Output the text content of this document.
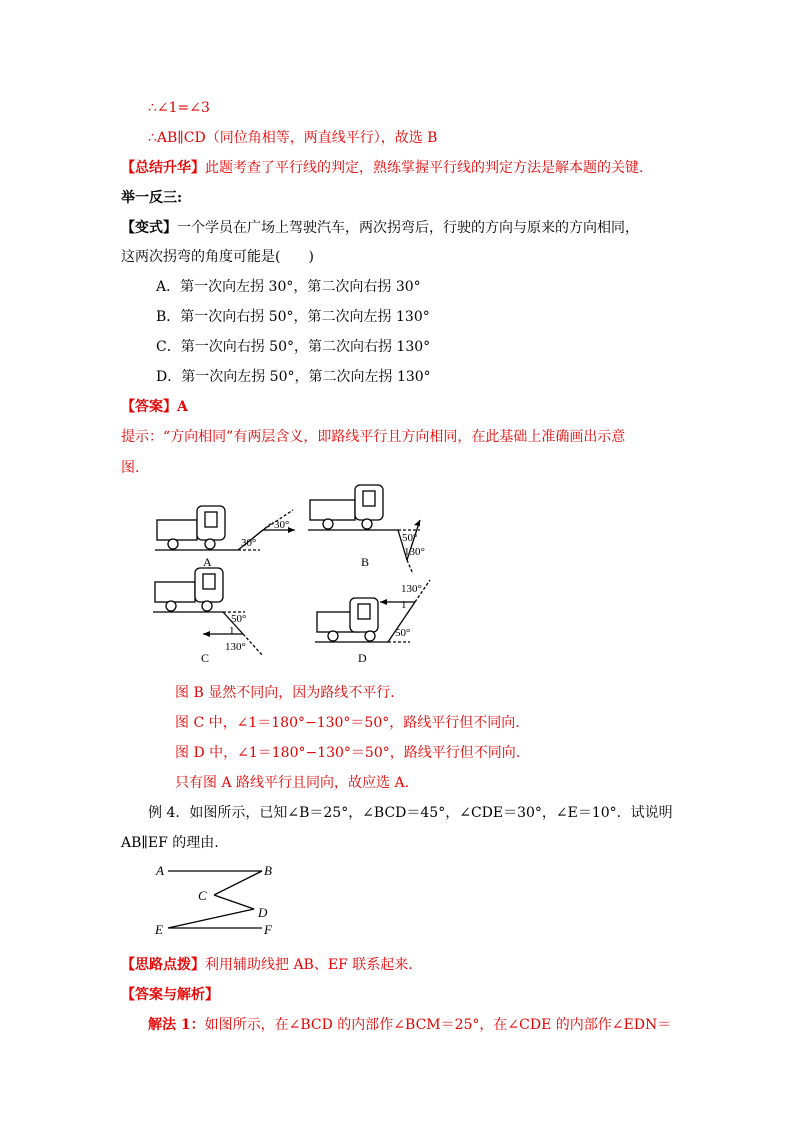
∴∠1=∠3
∴AB∥CD（同位角相等，两直线平行），故选 B
【总结升华】此题考查了平行线的判定，熟练掌握平行线的判定方法是解本题的关键.
举一反三:
【变式】一个学员在广场上驾驶汽车，两次拐弯后，行驶的方向与原来的方向相同，
这两次拐弯的角度可能是(　　)
A．第一次向左拐 30°，第二次向右拐 30°
B．第一次向右拐 50°，第二次向左拐 130°
C．第一次向右拐 50°，第二次向右拐 130°
D．第一次向左拐 50°，第二次向左拐 130°
【答案】A
提示：“方向相同”有两层含义，即路线平行且方向相同，在此基础上准确画出示意
图.
30°
30°
A
50°
130°
B
50°
1
130°
C
130°
1
50°
D
图 B 显然不同向，因为路线不平行.
图 C 中，∠1＝180°−130°＝50°，路线平行但不同向.
图 D 中，∠1＝180°−130°＝50°，路线平行但不同向.
只有图 A 路线平行且同向，故应选 A.
例 4．如图所示，已知∠B＝25°，∠BCD＝45°，∠CDE＝30°，∠E＝10°．试说明
AB∥EF 的理由.
A	B
C
D
E	F
【思路点拨】利用辅助线把 AB、EF 联系起来.
【答案与解析】
解法 1：如图所示，在∠BCD 的内部作∠BCM＝25°，在∠CDE 的内部作∠EDN＝
